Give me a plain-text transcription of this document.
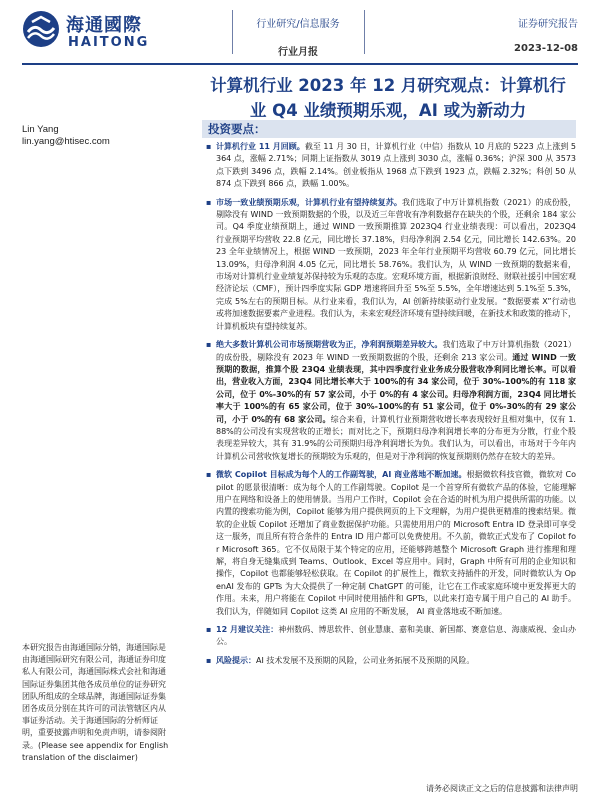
海通國際
HAITONG
行业研究/信息服务
行业月报
证券研究报告
2023-12-08
计算机行业 2023 年 12 月研究观点：计算机行业 Q4 业绩预期乐观，AI 或为新动力
Lin Yang
lin.yang@htisec.com
投资要点：
▪ 计算机行业 11 月回顾。截至 11 月 30 日，计算机行业（中信）指数从 10 月底的 5223 点上涨到 5364 点，涨幅 2.71%；同期上证指数从 3019 点上涨到 3030 点，涨幅 0.36%；沪深 300 从 3573 点下跌到 3496 点，跌幅 2.14%。创业板指从 1968 点下跌到 1923 点，跌幅 2.32%；科创 50 从 874 点下跌到 866 点，跌幅 1.00%。
▪ 市场一致业绩预期乐观，计算机行业有望持续复苏。我们选取了中万计算机指数（2021）的成份股，剔除没有 WIND 一致预期数据的个股，以及近三年营收有净利数据存在缺失的个股，还剩余 184 家公司。Q4 季度业绩预期上，通过 WIND 一致预期推算 2023Q4 行业业绩表现：可以看出，2023Q4 行业预期平均营收 22.8 亿元，同比增长 37.18%，归母净利润 2.54 亿元，同比增长 142.63%。2023 全年业绩情况上，根据 WIND 一致预期，2023 年全年行业预期平均营收 60.79 亿元，同比增长 13.09%，归母净利润 4.05 亿元，同比增长 58.76%。我们认为，从 WIND 一致预期的数据来看，市场对计算机行业业绩复苏保持较为乐观的态度。宏观环境方面，根据新浪财经、财联社援引中国宏观经济论坛（CMF），预计四季度实际 GDP 增速将回升至 5%至 5.5%，全年增速达到 5.1%至 5.3%，完成 5%左右的预期目标。从行业来看，我们认为，AI 创新持续驱动行业发展。“数据要素 X”行动也或将加速数据要素产业进程。我们认为，未来宏观经济环境有望持续回暖，在新技术和政策的推动下，计算机板块有望持续复苏。
▪ 绝大多数计算机公司市场预期营收为正，净利润预期差异较大。我们选取了中万计算机指数（2021）的成份股，剔除没有 2023 年 WIND 一致预期数据的个股，还剩余 213 家公司。通过 WIND 一致预期的数据，推算个股 23Q4 业绩表现，其中四季度行业业务成分股营收净利同比增长率。可以看出，营业收入方面，23Q4 同比增长率大于 100%的有 34 家公司，位于 30%-100%的有 118 家公司，位于 0%-30%的有 57 家公司，小于 0%的有 4 家公司。归母净利润方面，23Q4 同比增长率大于 100%的有 65 家公司，位于 30%-100%的有 51 家公司，位于 0%-30%的有 29 家公司，小于 0%的有 68 家公司。综合来看，计算机行业预期营收增长率表现较好且相对集中，仅有 1.88%的公司没有实现营收的正增长；而对比之下，预期归母净利润增长率的分布更为分散，行业个股表现差异较大，其有 31.9%的公司预期归母净利润增长为负。我们认为，可以看出，市场对于今年内计算机公司营收恢复增长的预期较为乐观的，但是对于净利润的恢复预期则仍然存在较大的差异。
▪ 微软 Copilot 目标成为每个人的工作副驾驶，AI 商业落地不断加速。根据微软科技官微，微软对 Copilot 的愿景很清晰：成为每个人的工作副驾驶。Copilot 是一个首穿所有微软产品的体验，它能理解用户在网络和设备上的使用情景。当用户工作时，Copilot 会在合适的时机为用户提供所需的功能。以内置的搜索功能为例，Copilot 能够为用户提供网页的上下文理解，为用户提供更精准的搜索结果。微软的企业版 Copilot 还增加了商业数据保护功能。只需使用用户的 Microsoft Entra ID 登录即可享受这一服务，而且所有符合条件的 Entra ID 用户都可以免费使用。不久前，微软正式发布了 Copilot for Microsoft 365。它不仅局限于某个特定的应用，还能够跨越整个 Microsoft Graph 进行推理和理解，将自身无缝集成到 Teams、Outlook、Excel 等应用中。同时，Graph 中所有可用的企业知识和操作，Copilot 也都能够轻松获取。在 Copilot 的扩展性上，微软支持插件的开发，同时微软认为 OpenAI 发布的 GPTs 为大众提供了一种定制 ChatGPT 的可能，让它在工作或家庭环境中更发挥更大的作用。未来，用户将能在 Copilot 中同时使用插件和 GPTs，以此来打造专属于用户自己的 AI 助手。我们认为，伴随如同 Copilot 这类 AI 应用的不断发展， AI 商业落地或不断加速。
▪ 12 月建议关注：神州数码、博思软件、创业慧康、嘉和美康、新国都、赛意信息、海康威视、金山办公。
▪ 风险提示：AI 技术发展不及预期的风险，公司业务拓展不及预期的风险。
本研究报告由海通国际分销，海通国际是由海通国际研究有限公司，海通证券印度私人有限公司，海通国际株式会社和海通国际证券集团其他各成员单位的证券研究团队所组成的全球品牌，海通国际证券集团各成员分别在其许可的司法管辖区内从事证券活动。关于海通国际的分析师证明，重要披露声明和免责声明，请参阅附录。(Please see appendix for English translation of the disclaimer)
请务必阅读正文之后的信息披露和法律声明
